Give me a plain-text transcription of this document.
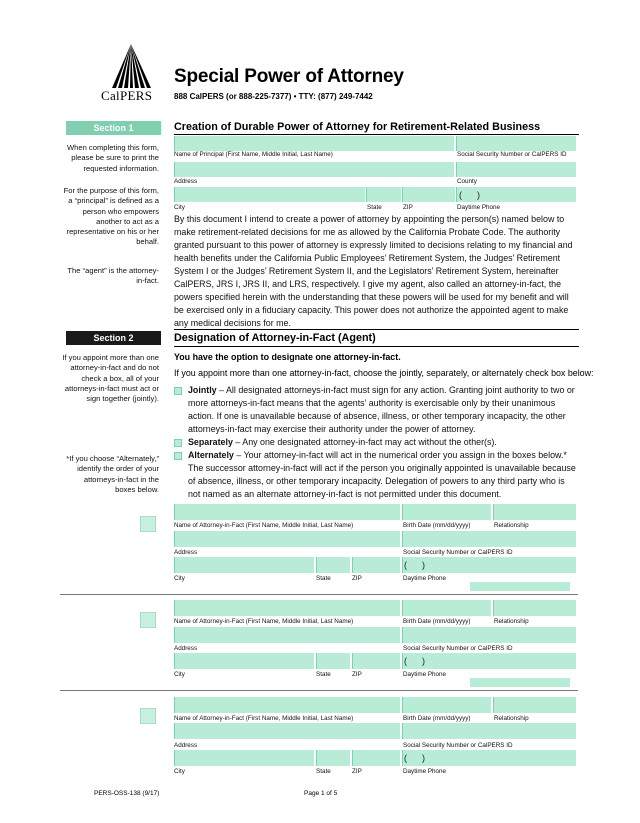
CalPERS
Special Power of Attorney
888 CalPERS (or 888-225-7377) • TTY: (877) 249-7442
Section 1	Creation of Durable Power of Attorney for Retirement-Related Business
When completing this form, please be sure to print the requested information.
For the purpose of this form, a “principal” is defined as a person who empowers another to act as a representative on his or her behalf.
The “agent” is the attorney-in-fact.
Name of Principal (First Name, Middle Initial, Last Name)	Social Security Number or CalPERS ID
Address	County
(      )
City	State	ZIP	Daytime Phone
By this document I intend to create a power of attorney by appointing the person(s) named below to make retirement-related decisions for me as allowed by the California Probate Code. The authority granted pursuant to this power of attorney is expressly limited to decisions relating to my financial and health benefits under the California Public Employees’ Retirement System, the Judges’ Retirement System I or the Judges’ Retirement System II, and the Legislators’ Retirement System, hereinafter CalPERS, JRS I, JRS II, and LRS, respectively. I give my agent, also called an attorney-in-fact, the powers specified herein with the understanding that these powers will be used for my benefit and will be exercised only in a fiduciary capacity. This power does not authorize the appointed agent to make any medical decisions for me.
Section 2	Designation of Attorney-in-Fact (Agent)
If you appoint more than one attorney-in-fact and do not check a box, all of your attorneys-in-fact must act or sign together (jointly).
*If you choose “Alternately,” identify the order of your attorneys-in-fact in the boxes below.
You have the option to designate one attorney-in-fact.
If you appoint more than one attorney-in-fact, choose the jointly, separately, or alternately check box below:
Jointly – All designated attorneys-in-fact must sign for any action. Granting joint authority to two or more attorneys-in-fact means that the agents’ authority is exercisable only by their unanimous action. If one is unavailable because of absence, illness, or other temporary incapacity, the other attorneys-in-fact may exercise their authority under the power of attorney.
Separately – Any one designated attorney-in-fact may act without the other(s).
Alternately – Your attorney-in-fact will act in the numerical order you assign in the boxes below.* The successor attorney-in-fact will act if the person you originally appointed is unavailable because of absence, illness, or other temporary incapacity. Delegation of powers to any third party who is not named as an alternate attorney-in-fact is not permitted under this document.
Name of Attorney-in-Fact (First Name, Middle Initial, Last Name)	Birth Date (mm/dd/yyyy)	Relationship
Address	Social Security Number or CalPERS ID
(      )
City	State	ZIP	Daytime Phone
Name of Attorney-in-Fact (First Name, Middle Initial, Last Name)	Birth Date (mm/dd/yyyy)	Relationship
Address	Social Security Number or CalPERS ID
(      )
City	State	ZIP	Daytime Phone
Name of Attorney-in-Fact (First Name, Middle Initial, Last Name)	Birth Date (mm/dd/yyyy)	Relationship
Address	Social Security Number or CalPERS ID
(      )
City	State	ZIP	Daytime Phone
PERS-OSS-138 (9/17)	Page 1 of 5
